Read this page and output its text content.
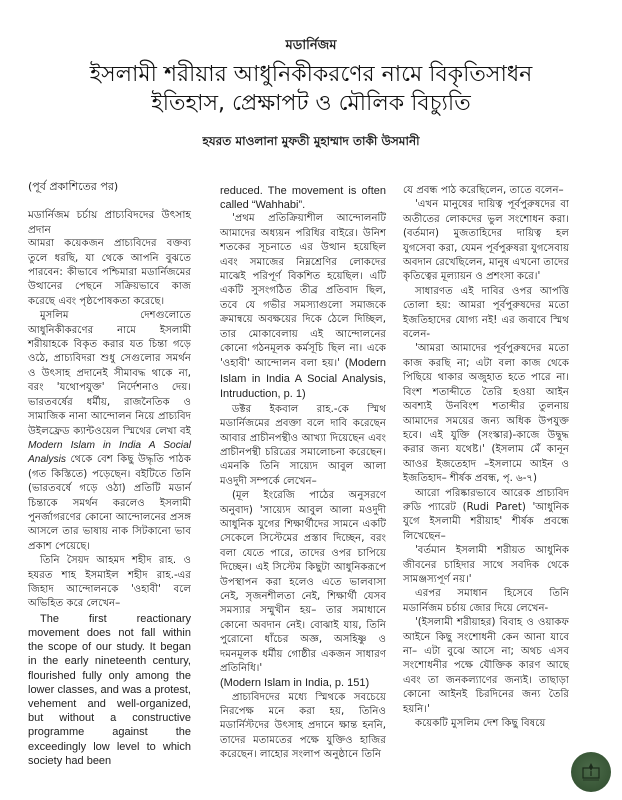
মডার্নিজম
ইসলামী শরীয়ার আধুনিকীকরণের নামে বিকৃতিসাধন
ইতিহাস, প্রেক্ষাপট ও মৌলিক বিচ্যুতি
হযরত মাওলানা মুফতী মুহাম্মাদ তাকী উসমানী

(পূর্ব প্রকাশিতের পর)

মডার্নিজম চর্চায় প্রাচ্যবিদদের উৎসাহ প্রদান

আমরা কয়েকজন প্রাচ্যবিদের বক্তব্য তুলে ধরছি, যা থেকে আপনি বুঝতে পারবেন: কীভাবে পশ্চিমারা মডার্নিজমের উত্থানের পেছনে সক্রিয়ভাবে কাজ করেছে এবং পৃষ্ঠপোষকতা করেছে।

মুসলিম দেশগুলোতে আধুনিকীকরণের নামে ইসলামী শরীয়াহকে বিকৃত করার যত চিন্তা গড়ে ওঠে, প্রাচ্যবিদরা শুধু সেগুলোর সমর্থন ও উৎসাহ প্রদানেই সীমাবদ্ধ থাকে না, বরং 'যথোপযুক্ত' নির্দেশনাও দেয়। ভারতবর্ষের ধর্মীয়, রাজনৈতিক ও সামাজিক নানা আন্দোলন নিয়ে প্রাচ্যবিদ উইলফ্রেড ক্যান্টওয়েল স্মিথের লেখা বই Modern Islam in India A Social Analysis থেকে বেশ কিছু উদ্ধৃতি পাঠক (গত কিস্তিতে) পড়েছেন। বইটিতে তিনি (ভারতবর্ষে গড়ে ওঠা) প্রতিটি মডার্ন চিন্তাকে সমর্থন করলেও ইসলামী পুনর্জাগরণের কোনো আন্দোলনের প্রসঙ্গ আসলে তার ভাষায় নাক সিটকানো ভাব প্রকাশ পেয়েছে।

তিনি সৈয়দ আহমদ শহীদ রাহ. ও হযরত শাহ ইসমাইল শহীদ রাহ.-এর জিহাদ আন্দোলনকে 'ওহাবী' বলে অভিহিত করে লেখেন–

The first reactionary movement does not fall within the scope of our study. It began in the early nineteenth century, flourished fully only among the lower classes, and was a protest, vehement and well-organized, but without a constructive programme against the exceedingly low level to which society had been

reduced. The movement is often called “Wahhabi”.

'প্রথম প্রতিক্রিয়াশীল আন্দোলনটি আমাদের অধ্যয়ন পরিধির বাইরে। উনিশ শতকের সূচনাতে এর উত্থান হয়েছিল এবং সমাজের নিম্নশ্রেণির লোকদের মাঝেই পরিপূর্ণ বিকশিত হয়েছিল। এটি একটি সুসংগঠিত তীব্র প্রতিবাদ ছিল, তবে যে গভীর সমস্যাগুলো সমাজকে ক্রমান্বয়ে অবক্ষয়ের দিকে ঠেলে দিচ্ছিল, তার মোকাবেলায় এই আন্দোলনের কোনো গঠনমূলক কর্মসূচি ছিল না। একে 'ওহাবী' আন্দোলন বলা হয়।' (Modern Islam in India A Social Analysis, Intruduction, p. 1)

ডক্টর ইকবাল রাহ.-কে স্মিথ মডার্নিজমের প্রবক্তা বলে দাবি করেছেন আবার প্রাচীনপন্থীও আখ্যা দিয়েছেন এবং প্রাচীনপন্থী চরিত্রের সমালোচনা করেছেন। এমনকি তিনি সায়্যেদ আবুল আলা মওদুদী সম্পর্কে লেখেন–

(মূল ইংরেজি পাঠের অনুসরণে অনুবাদ) 'সায়্যেদ আবুল আলা মওদুদী আধুনিক যুগের শিক্ষার্থীদের সামনে একটি সেকেলে সিস্টেমের প্রস্তাব দিচ্ছেন, বরং বলা যেতে পারে, তাদের ওপর চাপিয়ে দিচ্ছেন। এই সিস্টেম কিছুটা আধুনিকরূপে উপস্থাপন করা হলেও এতে ভালবাসা নেই, সৃজনশীলতা নেই, শিক্ষার্থী যেসব সমস্যার সম্মুখীন হয়– তার সমাধানে কোনো অবদান নেই। বোঝাই যায়, তিনি পুরোনো ধাঁচের অজ্ঞ, অসহিষ্ণু ও দমনমূলক ধর্মীয় গোষ্ঠীর একজন সাধারণ প্রতিনিধি।'

(Modern Islam in India, p. 151)

প্রাচ্যবিদদের মধ্যে স্মিথকে সবচেয়ে নিরপেক্ষ মনে করা হয়, তিনিও মডার্নিস্টদের উৎসাহ প্রদানে ক্ষান্ত হননি, তাদের মতামতের পক্ষে যুক্তিও হাজির করেছেন। লাহোর সংলাপ অনুষ্ঠানে তিনি

যে প্রবন্ধ পাঠ করেছিলেন, তাতে বলেন–

'এখন মানুষের দায়িত্ব পূর্বপুরুষদের বা অতীতের লোকদের ভুল সংশোধন করা। (বর্তমান) মুজতাহিদের দায়িত্ব হল যুগসেবা করা, যেমন পূর্বপুরুষরা যুগসেবায় অবদান রেখেছিলেন, মানুষ এখনো তাদের কৃতিত্বের মূল্যায়ন ও প্রশংসা করে।'

সাধারণত এই দাবির ওপর আপত্তি তোলা হয়: আমরা পূর্বপুরুষদের মতো ইজতিহাদের যোগ্য নই! এর জবাবে স্মিথ বলেন-

'আমরা আমাদের পূর্বপুরুষদের মতো কাজ করছি না; এটা বলা কাজ থেকে পিছিয়ে থাকার অজুহাত হতে পারে না। বিংশ শতাব্দীতে তৈরি হওয়া আইন অবশ্যই উনবিংশ শতাব্দীর তুলনায় আমাদের সময়ের জন্য অধিক উপযুক্ত হবে। এই যুক্তি (সংস্কার)-কাজে উদ্বুদ্ধ করার জন্য যথেষ্ট।' (ইসলাম মেঁ কানূন আওর ইজতেহাদ –ইসলামে আইন ও ইজতিহাদ– শীর্ষক প্রবন্ধ, পৃ. ৬-৭)

আরো পরিষ্কারভাবে আরেক প্রাচ্যবিদ রুডি প্যারেট (Rudi Paret) 'আধুনিক যুগে ইসলামী শরীয়াহ' শীর্ষক প্রবন্ধে লিখেছেন–

'বর্তমান ইসলামী শরীয়ত আধুনিক জীবনের চাহিদার সাথে সবদিক থেকে সামঞ্জস্যপূর্ণ নয়।'

এরপর সমাধান হিসেবে তিনি মডার্নিজম চর্চায় জোর দিয়ে লেখেন-

'(ইসলামী শরীয়াহর) বিবাহ ও ওয়াকফ আইনে কিছু সংশোধনী কেন আনা যাবে না– এটা বুঝে আসে না; অথচ এসব সংশোধনীর পক্ষে যৌক্তিক কারণ আছে এবং তা জনকল্যাণের জন্যই। তাছাড়া কোনো আইনই চিরদিনের জন্য তৈরি হয়নি।'

কয়েকটি মুসলিম দেশ কিছু বিষয়ে
